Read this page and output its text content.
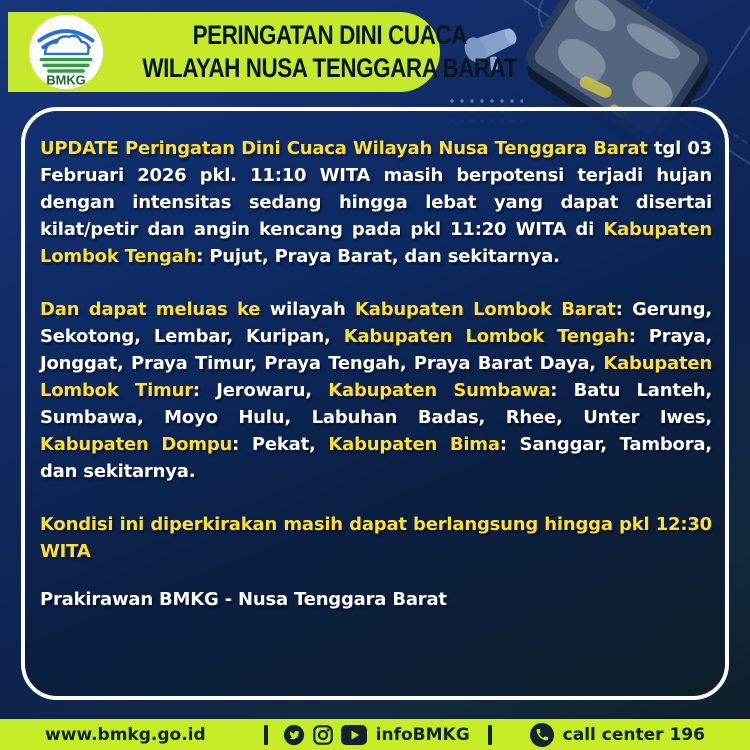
BMKG
PERINGATAN DINI CUACA
WILAYAH NUSA TENGGARA BARAT

UPDATE Peringatan Dini Cuaca Wilayah Nusa Tenggara Barat tgl 03 Februari 2026 pkl. 11:10 WITA masih berpotensi terjadi hujan dengan intensitas sedang hingga lebat yang dapat disertai kilat/petir dan angin kencang pada pkl 11:20 WITA di Kabupaten Lombok Tengah: Pujut, Praya Barat, dan sekitarnya.

Dan dapat meluas ke wilayah Kabupaten Lombok Barat: Gerung, Sekotong, Lembar, Kuripan, Kabupaten Lombok Tengah: Praya, Jonggat, Praya Timur, Praya Tengah, Praya Barat Daya, Kabupaten Lombok Timur: Jerowaru, Kabupaten Sumbawa: Batu Lanteh, Sumbawa, Moyo Hulu, Labuhan Badas, Rhee, Unter Iwes, Kabupaten Dompu: Pekat, Kabupaten Bima: Sanggar, Tambora, dan sekitarnya.

Kondisi ini diperkirakan masih dapat berlangsung hingga pkl 12:30 WITA

Prakirawan BMKG - Nusa Tenggara Barat

www.bmkg.go.id	infoBMKG	call center 196
